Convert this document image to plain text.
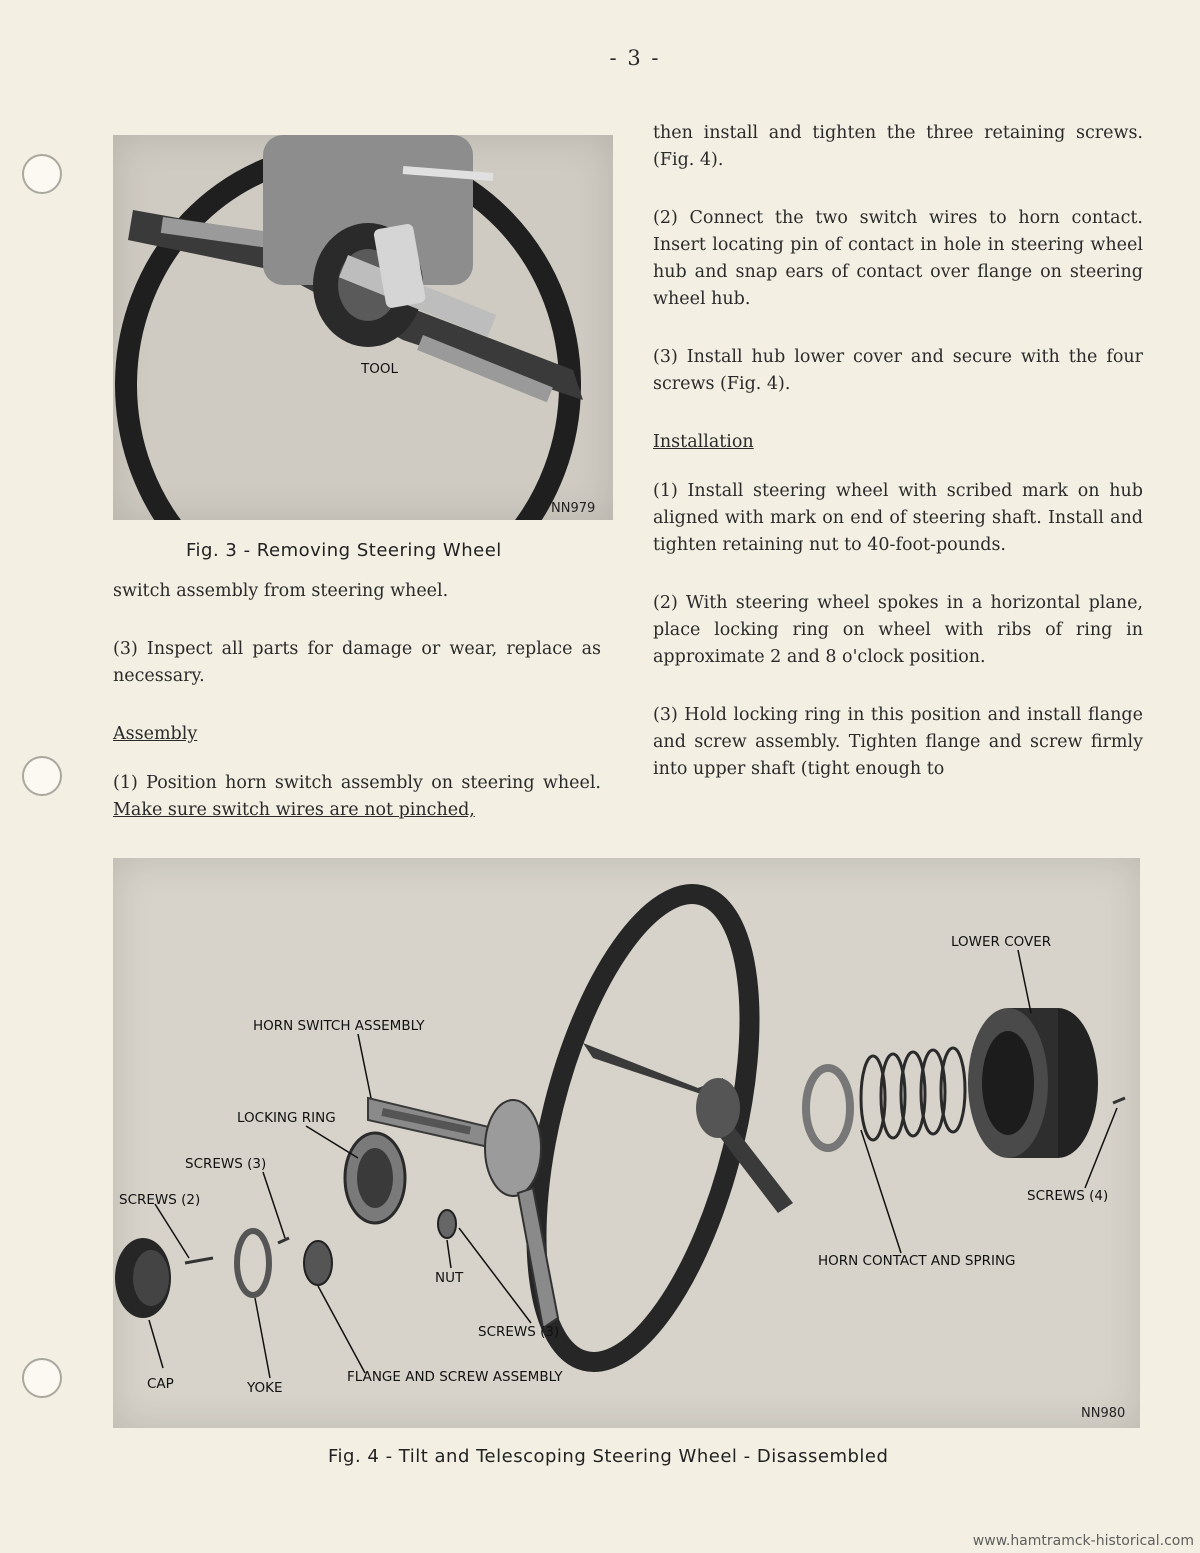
- 3 -
TOOL
NN979
Fig. 3 - Removing Steering Wheel

switch assembly from steering wheel.

(3) Inspect all parts for damage or wear, replace as necessary.

Assembly

(1) Position horn switch assembly on steering wheel. Make sure switch wires are not pinched,

then install and tighten the three retaining screws. (Fig. 4).

(2) Connect the two switch wires to horn contact. Insert locating pin of contact in hole in steering wheel hub and snap ears of contact over flange on steering wheel hub.

(3) Install hub lower cover and secure with the four screws (Fig. 4).

Installation

(1) Install steering wheel with scribed mark on hub aligned with mark on end of steering shaft. Install and tighten retaining nut to 40-foot-pounds.

(2) With steering wheel spokes in a horizontal plane, place locking ring on wheel with ribs of ring in approximate 2 and 8 o'clock position.

(3) Hold locking ring in this position and install flange and screw assembly. Tighten flange and screw firmly into upper shaft (tight enough to

LOWER COVER
HORN SWITCH ASSEMBLY
LOCKING RING
SCREWS (3)
SCREWS (2)	SCREWS (4)
HORN CONTACT AND SPRING
NUT
SCREWS (3)
CAP	YOKE
FLANGE AND SCREW ASSEMBLY
NN980
Fig. 4 - Tilt and Telescoping Steering Wheel - Disassembled
www.hamtramck-historical.com
